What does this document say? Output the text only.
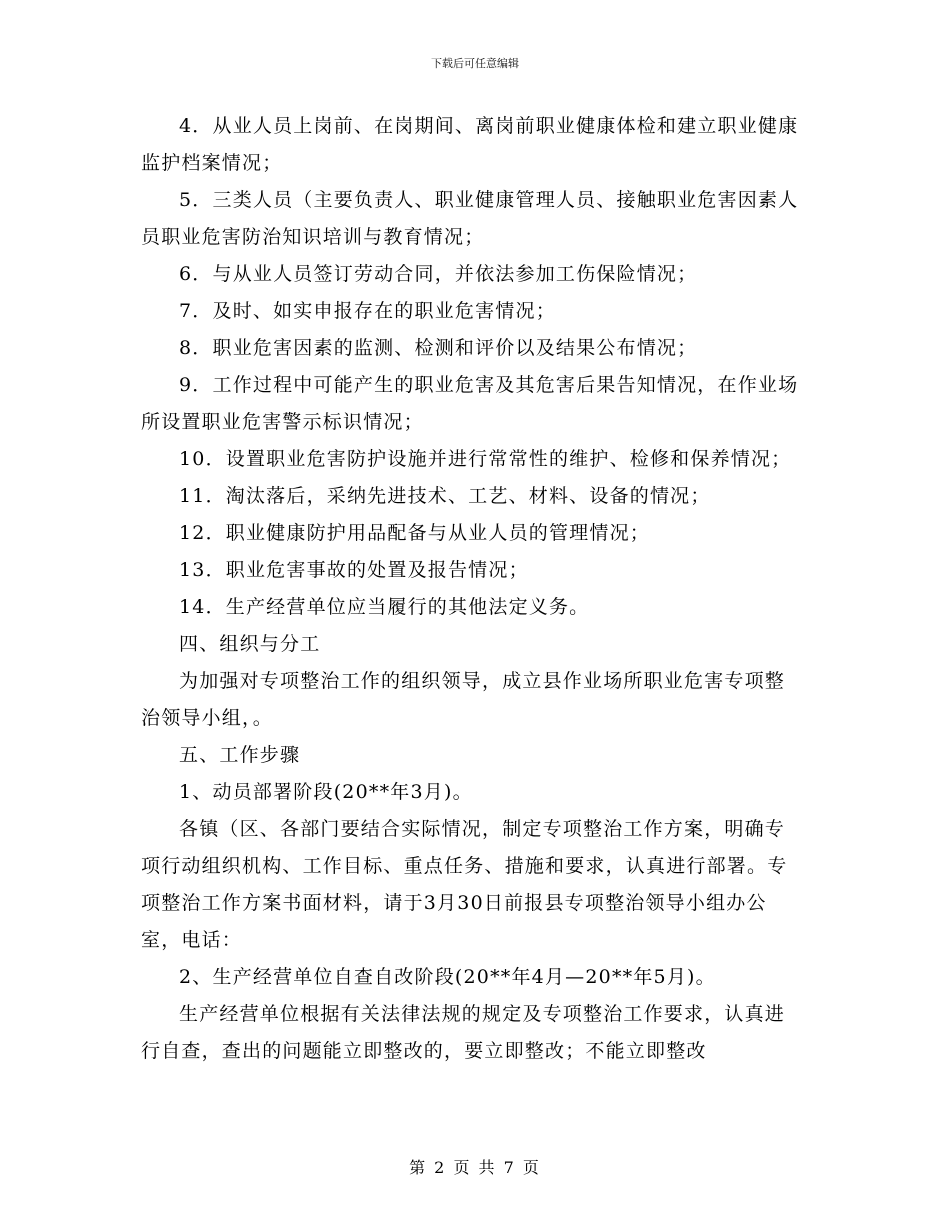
下载后可任意编辑

4．从业人员上岗前、在岗期间、离岗前职业健康体检和建立职业健康监护档案情况；

5．三类人员（主要负责人、职业健康管理人员、接触职业危害因素人员职业危害防治知识培训与教育情况；

6．与从业人员签订劳动合同，并依法参加工伤保险情况；

7．及时、如实申报存在的职业危害情况；

8．职业危害因素的监测、检测和评价以及结果公布情况；

9．工作过程中可能产生的职业危害及其危害后果告知情况，在作业场所设置职业危害警示标识情况；

10．设置职业危害防护设施并进行常常性的维护、检修和保养情况；

11．淘汰落后，采纳先进技术、工艺、材料、设备的情况；

12．职业健康防护用品配备与从业人员的管理情况；

13．职业危害事故的处置及报告情况；

14．生产经营单位应当履行的其他法定义务。

四、组织与分工

为加强对专项整治工作的组织领导，成立县作业场所职业危害专项整治领导小组，。

五、工作步骤

1、动员部署阶段(20**年3月)。

各镇（区、各部门要结合实际情况，制定专项整治工作方案，明确专项行动组织机构、工作目标、重点任务、措施和要求，认真进行部署。专项整治工作方案书面材料，请于3月30日前报县专项整治领导小组办公室，电话：

2、生产经营单位自查自改阶段(20**年4月—20**年5月)。

生产经营单位根据有关法律法规的规定及专项整治工作要求，认真进行自查，查出的问题能立即整改的，要立即整改；不能立即整改

第 2 页 共 7 页
